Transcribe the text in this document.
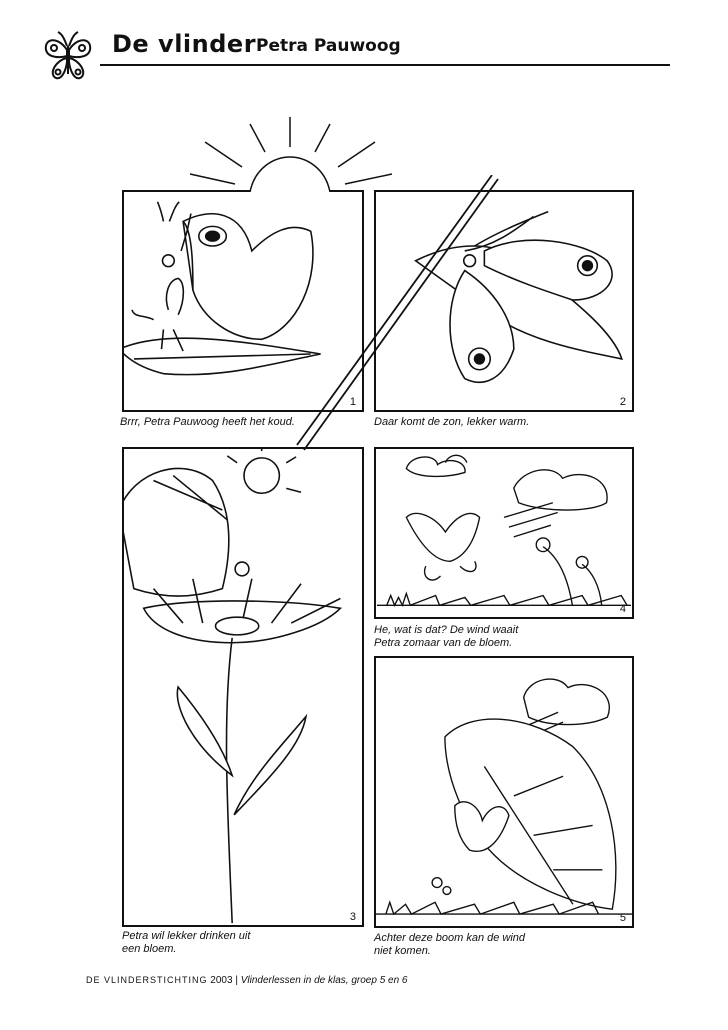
De vlinder Petra Pauwoog
1
Brrr, Petra Pauwoog heeft het koud.
2
Daar komt de zon, lekker warm.
3
Petra wil lekker drinken uit
een bloem.
4
He, wat is dat? De wind waait
Petra zomaar van de bloem.
5
Achter deze boom kan de wind
niet komen.
DE VLINDERSTICHTING 2003 | Vlinderlessen in de klas, groep 5 en 6
